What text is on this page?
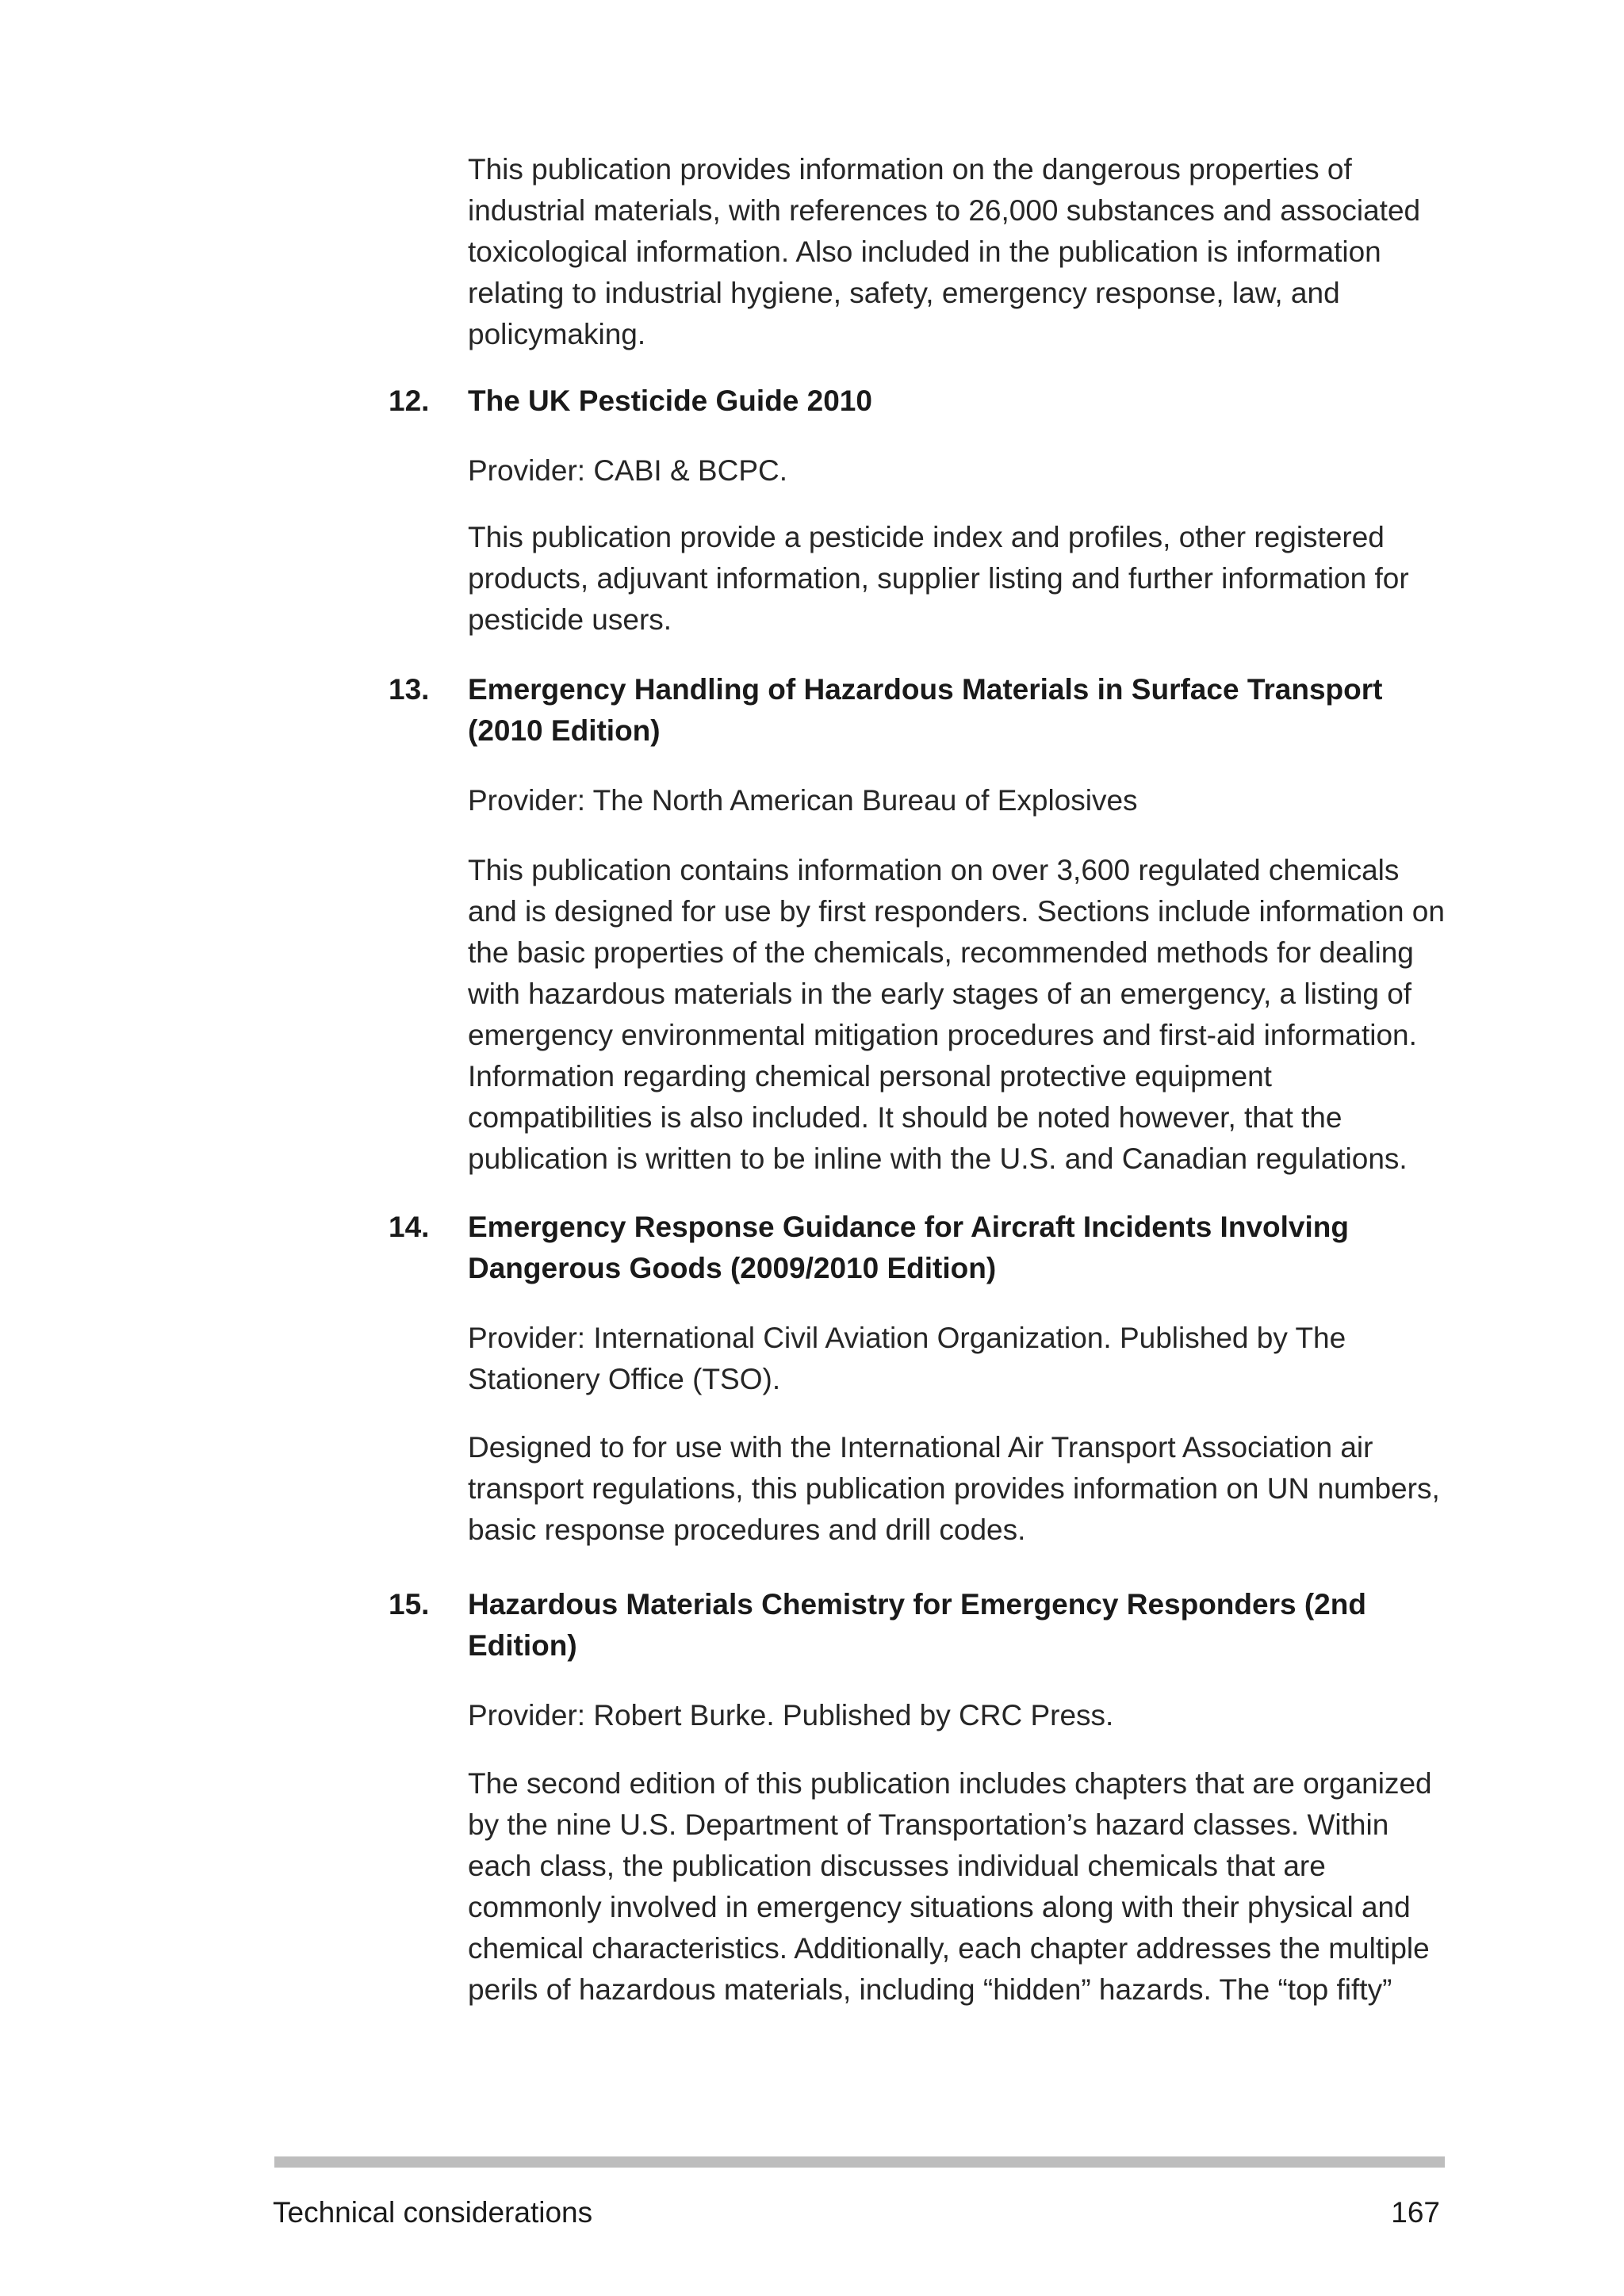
This publication provides information on the dangerous properties of industrial materials, with references to 26,000 substances and associated toxicological information. Also included in the publication is information relating to industrial hygiene, safety, emergency response, law, and policymaking.

12. The UK Pesticide Guide 2010

Provider: CABI & BCPC.

This publication provide a pesticide index and profiles, other registered products, adjuvant information, supplier listing and further information for pesticide users.

13. Emergency Handling of Hazardous Materials in Surface Transport (2010 Edition)

Provider: The North American Bureau of Explosives

This publication contains information on over 3,600 regulated chemicals and is designed for use by first responders. Sections include information on the basic properties of the chemicals, recommended methods for dealing with hazardous materials in the early stages of an emergency, a listing of emergency environmental mitigation procedures and first-aid information. Information regarding chemical personal protective equipment compatibilities is also included. It should be noted however, that the publication is written to be inline with the U.S. and Canadian regulations.

14. Emergency Response Guidance for Aircraft Incidents Involving Dangerous Goods (2009/2010 Edition)

Provider: International Civil Aviation Organization. Published by The Stationery Office (TSO).

Designed to for use with the International Air Transport Association air transport regulations, this publication provides information on UN numbers, basic response procedures and drill codes.

15. Hazardous Materials Chemistry for Emergency Responders (2nd Edition)

Provider: Robert Burke. Published by CRC Press.

The second edition of this publication includes chapters that are organized by the nine U.S. Department of Transportation’s hazard classes. Within each class, the publication discusses individual chemicals that are commonly involved in emergency situations along with their physical and chemical characteristics. Additionally, each chapter addresses the multiple perils of hazardous materials, including “hidden” hazards. The “top fifty”

Technical considerations	167
